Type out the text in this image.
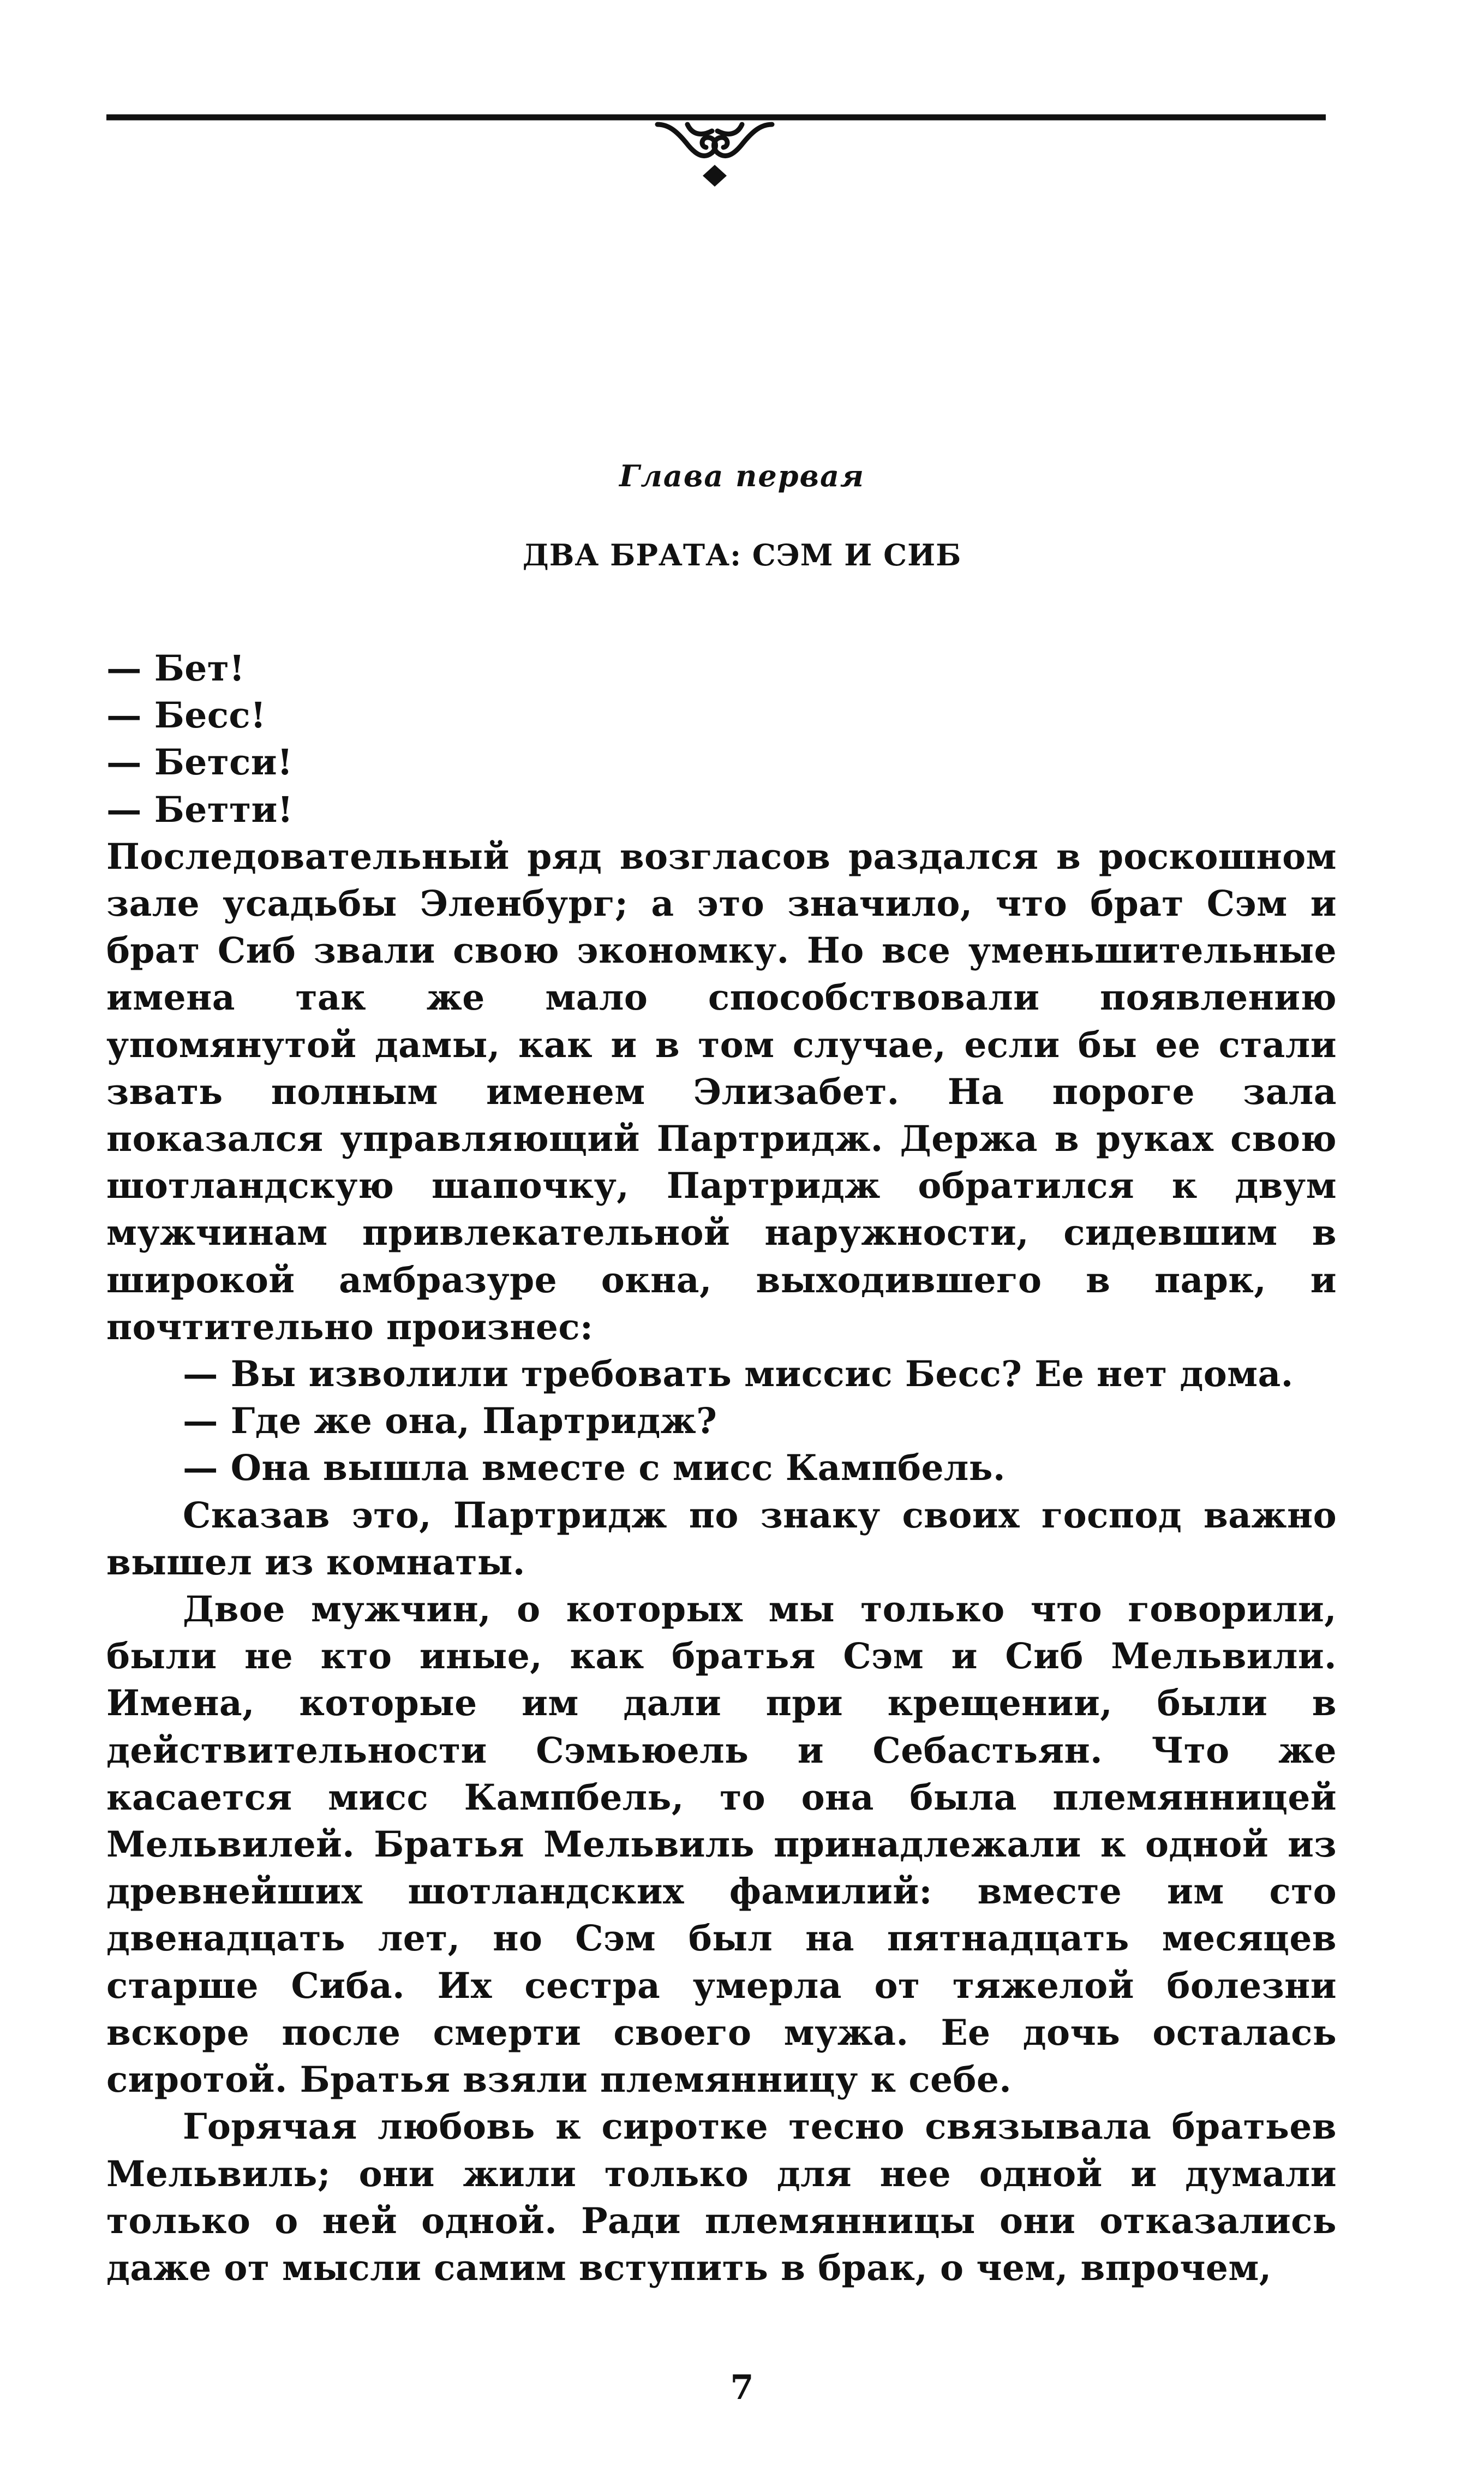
Глава первая
ДВА БРАТА: СЭМ И СИБ

— Бет!

— Бесс!

— Бетси!

— Бетти!

Последовательный ряд возгласов раздался в роскошном зале усадьбы Эленбург; а это значило, что брат Сэм и брат Сиб звали свою экономку. Но все уменьшительные имена так же мало способствовали появлению упомянутой дамы, как и в том случае, если бы ее стали звать полным именем Элизабет. На пороге зала показался управляющий Партридж. Держа в руках свою шотландскую шапочку, Партридж обратился к двум мужчинам привлекательной наружности, сидевшим в широкой амбразуре окна, выходившего в парк, и почтительно произнес:

— Вы изволили требовать миссис Бесс? Ее нет дома.

— Где же она, Партридж?

— Она вышла вместе с мисс Кампбель.

Сказав это, Партридж по знаку своих господ важно вышел из комнаты.

Двое мужчин, о которых мы только что говорили, были не кто иные, как братья Сэм и Сиб Мельвили. Имена, которые им дали при крещении, были в действительности Сэмьюель и Себастьян. Что же касается мисс Кампбель, то она была племянницей Мельвилей. Братья Мельвиль принадлежали к одной из древнейших шотландских фамилий: вместе им сто двенадцать лет, но Сэм был на пятнадцать месяцев старше Сиба. Их сестра умерла от тяжелой болезни вскоре после смерти своего мужа. Ее дочь осталась сиротой. Братья взяли племянницу к себе.

Горячая любовь к сиротке тесно связывала братьев Мельвиль; они жили только для нее одной и думали только о ней одной. Ради племянницы они отказались даже от мысли самим вступить в брак, о чем, впрочем,

7
